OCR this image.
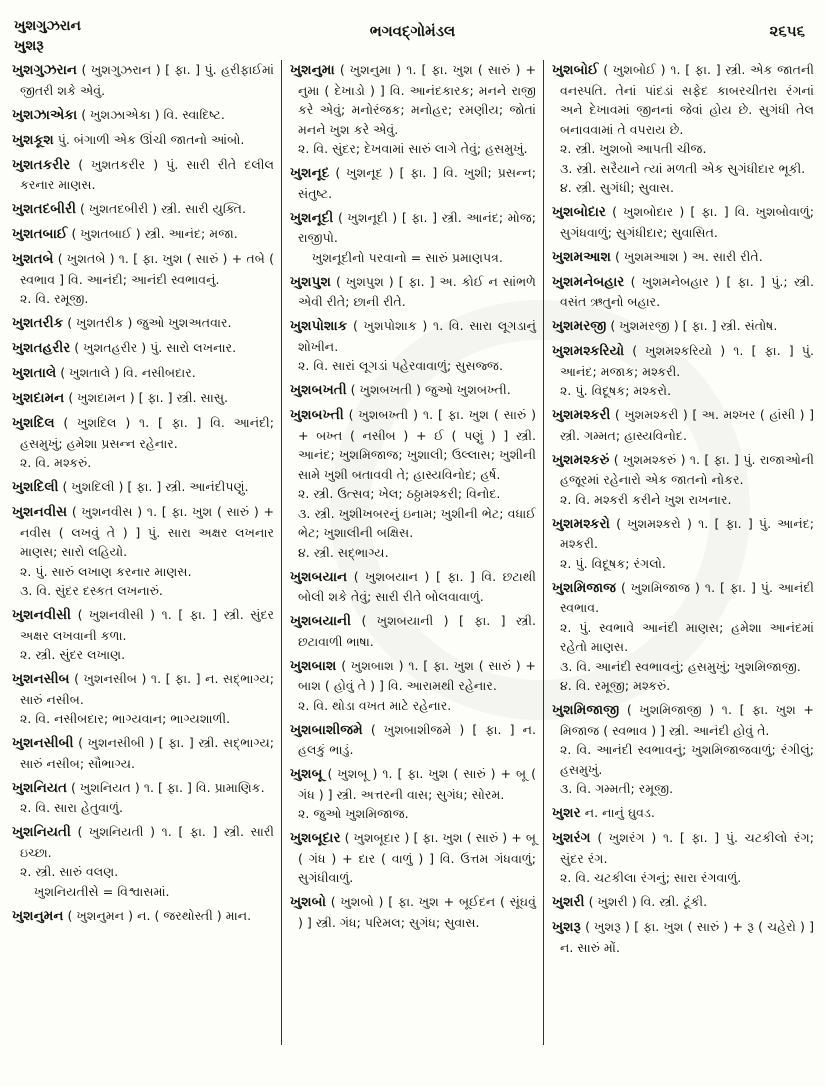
ખુશગુઝરાન
ખુશરૂ
ભગવદ્ગોમંડલ	૨૬૫૬
ખુશગુઝરાન ( ખુશગુઝરાન ) [ ફા. ] પું. હરીફાઈમાં જીતરી શકે એવું.
ખુશઝાએકા ( ખુશઝાએકા ) વિ. સ્વાદિષ્ટ.
ખુશકૂશ પું. બંગાળી એક ઊંચી જાતનો આંબો.
ખુશતકરીર ( ખુશતકરીર ) પું. સારી રીતે દલીલ કરનાર માણસ.
ખુશતદબીરી ( ખુશતદબીરી ) સ્ત્રી. સારી યુક્તિ.
ખુશતબાઈ ( ખુશતબાઈ ) સ્ત્રી. આનંદ; મજા.
ખુશતબે ( ખુશતબે ) ૧. [ ફા. ખુશ ( સારું ) + તબે ( સ્વભાવ ] વિ. આનંદી; આનંદી સ્વભાવનું.
૨. વિ. રમૂજી.
ખુશતરીક ( ખુશતરીક ) જુઓ ખુશઅતવાર.
ખુશતહરીર ( ખુશતહરીર ) પું. સારો લખનાર.
ખુશતાલે ( ખુશતાલે ) વિ. નસીબદાર.
ખુશદામન ( ખુશદામન ) [ ફા. ] સ્ત્રી. સાસુ.
ખુશદિલ ( ખુશદિલ ) ૧. [ ફા. ] વિ. આનંદી; હસમુખું; હમેશા પ્રસન્ન રહેનાર.
૨. વિ. મશ્કરું.
ખુશદિલી ( ખુશદિલી ) [ ફા. ] સ્ત્રી. આનંદીપણું.
ખુશનવીસ ( ખુશનવીસ ) ૧. [ ફા. ખુશ ( સારું ) + નવીસ ( લખવું તે ) ] પું. સારા અક્ષર લખનાર માણસ; સારો લહિયો.
૨. પું. સારું લખાણ કરનાર માણસ.
૩. વિ. સુંદર દસ્કત લખનારું.
ખુશનવીસી ( ખુશનવીસી ) ૧. [ ફા. ] સ્ત્રી. સુંદર અક્ષર લખવાની કળા.
૨. સ્ત્રી. સુંદર લખાણ.
ખુશનસીબ ( ખુશનસીબ ) ૧. [ ફા. ] ન. સદ્ભાગ્ય; સારું નસીબ.
૨. વિ. નસીબદાર; ભાગ્યવાન; ભાગ્યશાળી.
ખુશનસીબી ( ખુશનસીબી ) [ ફા. ] સ્ત્રી. સદ્ભાગ્ય; સારું નસીબ; સૌભાગ્ય.
ખુશનિયત ( ખુશનિયત ) ૧. [ ફા. ] વિ. પ્રામાણિક.
૨. વિ. સારા હેતુવાળું.
ખુશનિયતી ( ખુશનિયતી ) ૧. [ ફા. ] સ્ત્રી. સારી ઇચ્છા.
૨. સ્ત્રી. સારું વલણ.
ખુશનિયતીસે = વિશ્વાસમાં.
ખુશનુમન ( ખુશનુમન ) ન. ( જરથોસ્તી ) માન.
ખુશનુમા ( ખુશનુમા ) ૧. [ ફા. ખુશ ( સારું ) + નુમા ( દેખાડો ) ] વિ. આનંદકારક; મનને રાજી કરે એવું; મનોરંજક; મનોહર; રમણીય; જોતાં મનને ખુશ કરે એવું.
૨. વિ. સુંદર; દેખવામાં સારું લાગે તેવું; હસમુખું.
ખુશનૂદ ( ખુશનૂદ ) [ ફા. ] વિ. ખુશી; પ્રસન્ન; સંતુષ્ટ.
ખુશનૂદી ( ખુશનૂદી ) [ ફા. ] સ્ત્રી. આનંદ; મોજ; રાજીપો.
ખુશનૂદીનો પરવાનો = સારું પ્રમાણપત્ર.
ખુશપુશ ( ખુશપુશ ) [ ફા. ] અ. કોઈ ન સાંભળે એવી રીતે; છાની રીતે.
ખુશપોશાક ( ખુશપોશાક ) ૧. વિ. સારા લૂગડાનું શોખીન.
૨. વિ. સારાં લૂગડાં પહેરવાવાળું; સુસજ્જ.
ખુશબખતી ( ખુશબખતી ) જુઓ ખુશબખ્તી.
ખુશબખ્તી ( ખુશબખ્તી ) ૧. [ ફા. ખુશ ( સારું ) + બખ્ત ( નસીબ ) + ઈ ( પણું ) ] સ્ત્રી. આનંદ; ખુશમિજાજ; ખુશાલી; ઉલ્લાસ; ખુશીની સામે ખુશી બતાવવી તે; હાસ્યવિનોદ; હર્ષ.
૨. સ્ત્રી. ઉત્સવ; ખેલ; ઠઠ્ઠામશ્કરી; વિનોદ.
૩. સ્ત્રી. ખુશીખબરનું ઇનામ; ખુશીની ભેટ; વધાઈ ભેટ; ખુશાલીની બક્ષિસ.
૪. સ્ત્રી. સદ્ભાગ્ય.
ખુશબયાન ( ખુશબયાન ) [ ફા. ] વિ. છટાથી બોલી શકે તેવું; સારી રીતે બોલવાવાળું.
ખુશબયાની ( ખુશબયાની ) [ ફા. ] સ્ત્રી. છટાવાળી ભાષા.
ખુશબાશ ( ખુશબાશ ) ૧. [ ફા. ખુશ ( સારું ) + બાશ ( હોવું તે ) ] વિ. આરામથી રહેનાર.
૨. વિ. થોડા વખત માટે રહેનાર.
ખુશબાશીજમે ( ખુશબાશીજમે ) [ ફા. ] ન. હલકું ભાડું.
ખુશબૂ ( ખુશબૂ ) ૧. [ ફા. ખુશ ( સારું ) + બૂ ( ગંધ ) ] સ્ત્રી. અત્તરની વાસ; સુગંધ; સોરમ.
૨. જુઓ ખુશમિજાજ.
ખુશબૂદાર ( ખુશબૂદાર ) [ ફા. ખુશ ( સારું ) + બૂ ( ગંધ ) + દાર ( વાળું ) ] વિ. ઉત્તમ ગંધવાળું; સુગંધીવાળું.
ખુશબો ( ખુશબો ) [ ફા. ખુશ + બૂઈદન ( સૂંઘવું ) ] સ્ત્રી. ગંધ; પરિમલ; સુગંધ; સુવાસ.
ખુશબોઈ ( ખુશબોઈ ) ૧. [ ફા. ] સ્ત્રી. એક જાતની વનસ્પતિ. તેનાં પાંદડાં સફેદ કાબરચીતરા રંગનાં અને દેખાવમાં જીનનાં જેવાં હોય છે. સુગંધી તેલ બનાવવામાં તે વપરાય છે.
૨. સ્ત્રી. ખુશબો આપતી ચીજ.
૩. સ્ત્રી. સરૈયાને ત્યાં મળતી એક સુગંધીદાર ભૂકી.
૪. સ્ત્રી. સુગંધી; સુવાસ.
ખુશબોદાર ( ખુશબોદાર ) [ ફા. ] વિ. ખુશબોવાળું; સુગંધવાળું; સુગંધીદાર; સુવાસિત.
ખુશમઆશ ( ખુશમઆશ ) અ. સારી રીતે.
ખુશમનેબહાર ( ખુશમનેબહાર ) [ ફા. ] પું.; સ્ત્રી. વસંત ઋતુનો બહાર.
ખુશમરજી ( ખુશમરજી ) [ ફા. ] સ્ત્રી. સંતોષ.
ખુશમશ્કરિયો ( ખુશમશ્કરિયો ) ૧. [ ફા. ] પું. આનંદ; મજાક; મશ્કરી.
૨. પું. વિદૂષક; મશ્કરો.
ખુશમશ્કરી ( ખુશમશ્કરી ) [ અ. મશ્ખર ( હાંસી ) ] સ્ત્રી. ગમ્મત; હાસ્યવિનોદ.
ખુશમશ્કરું ( ખુશમશ્કરું ) ૧. [ ફા. ] પું. રાજાઓની હજૂરમાં રહેનારો એક જાતનો નોકર.
૨. વિ. મશ્કરી કરીને ખુશ રાખનાર.
ખુશમશ્કરો ( ખુશમશ્કરો ) ૧. [ ફા. ] પું. આનંદ; મશ્કરી.
૨. પું. વિદૂષક; રંગલો.
ખુશમિજાજ ( ખુશમિજાજ ) ૧. [ ફા. ] પું. આનંદી સ્વભાવ.
૨. પું. સ્વભાવે આનંદી માણસ; હમેશા આનંદમાં રહેતો માણસ.
૩. વિ. આનંદી સ્વભાવનું; હસમુખું; ખુશમિજાજી.
૪. વિ. રમૂજી; મશ્કરું.
ખુશમિજાજી ( ખુશમિજાજી ) ૧. [ ફા. ખુશ + મિજાજ ( સ્વભાવ ) ] સ્ત્રી. આનંદી હોવું તે.
૨. વિ. આનંદી સ્વભાવનું; ખુશમિજાજવાળું; રંગીલું; હસમુખું.
૩. વિ. ગમ્મતી; રમૂજી.
ખુશર ન. નાનું ઘુવડ.
ખુશરંગ ( ખુશરંગ ) ૧. [ ફા. ] પું. ચટકીલો રંગ; સુંદર રંગ.
૨. વિ. ચટકીલા રંગનું; સારા રંગવાળું.
ખુશરી ( ખુશરી ) વિ. સ્ત્રી. ટૂંકી.
ખુશરૂ ( ખુશરૂ ) [ ફા. ખુશ ( સારું ) + રૂ ( ચહેરો ) ] ન. સારું મોં.
